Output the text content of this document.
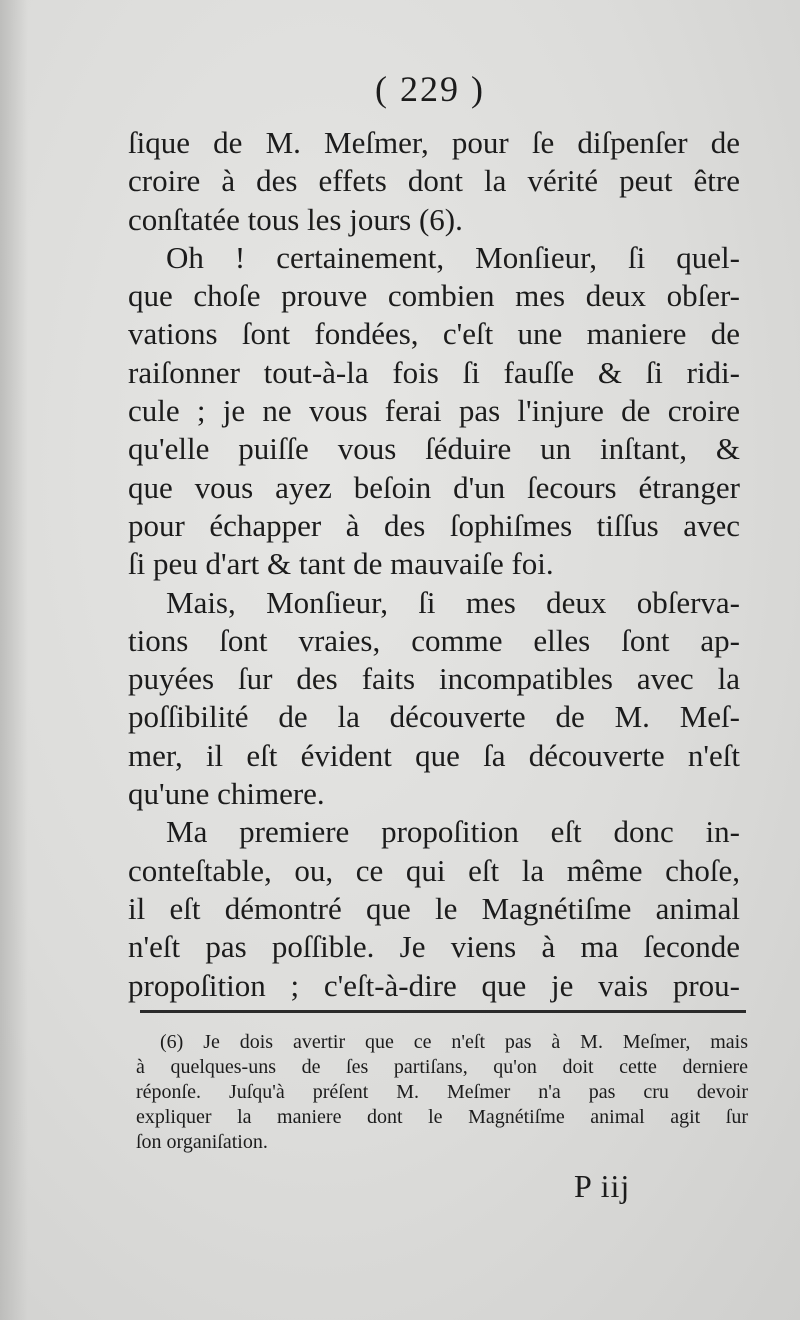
( 229 )
ſique de M. Meſmer, pour ſe diſpenſer de
croire à des effets dont la vérité peut être
conſtatée tous les jours (6).
Oh ! certainement, Monſieur, ſi quel-
que choſe prouve combien mes deux obſer-
vations ſont fondées, c'eſt une maniere de
raiſonner tout-à-la fois ſi fauſſe & ſi ridi-
cule ; je ne vous ferai pas l'injure de croire
qu'elle puiſſe vous ſéduire un inſtant, &
que vous ayez beſoin d'un ſecours étranger
pour échapper à des ſophiſmes tiſſus avec
ſi peu d'art & tant de mauvaiſe foi.
Mais, Monſieur, ſi mes deux obſerva-
tions ſont vraies, comme elles ſont ap-
puyées ſur des faits incompatibles avec la
poſſibilité de la découverte de M. Meſ-
mer, il eſt évident que ſa découverte n'eſt
qu'une chimere.
Ma premiere propoſition eſt donc in-
conteſtable, ou, ce qui eſt la même choſe,
il eſt démontré que le Magnétiſme animal
n'eſt pas poſſible. Je viens à ma ſeconde
propoſition ; c'eſt-à-dire que je vais prou-
(6) Je dois avertir que ce n'eſt pas à M. Meſmer, mais
à quelques-uns de ſes partiſans, qu'on doit cette derniere
réponſe. Juſqu'à préſent M. Meſmer n'a pas cru devoir
expliquer la maniere dont le Magnétiſme animal agit ſur
ſon organiſation.
P iij
